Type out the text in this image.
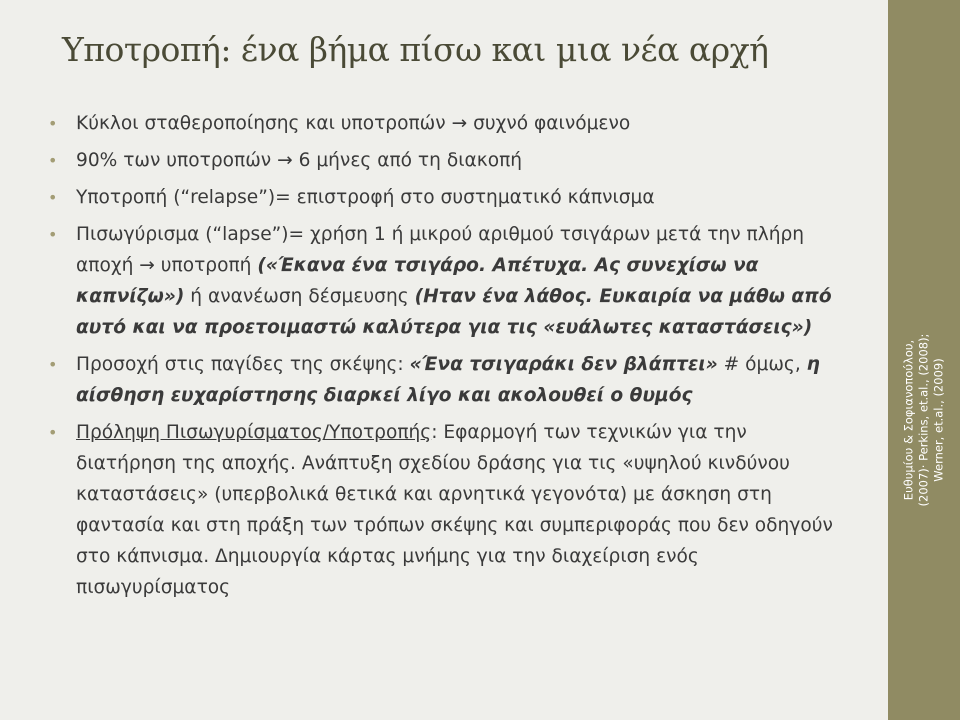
Υποτροπή: ένα βήμα πίσω και μια νέα αρχή
• Κύκλοι σταθεροποίησης και υποτροπών → συχνό φαινόμενο
• 90% των υποτροπών → 6 μήνες από τη διακοπή
• Υποτροπή (“relapse”)= επιστροφή στο συστηματικό κάπνισμα
• Πισωγύρισμα (“lapse”)= χρήση 1 ή μικρού αριθμού τσιγάρων μετά την πλήρη αποχή → υποτροπή («Έκανα ένα τσιγάρο. Απέτυχα. Ας συνεχίσω να καπνίζω») ή ανανέωση δέσμευσης (Ηταν ένα λάθος. Ευκαιρία να μάθω από αυτό και να προετοιμαστώ καλύτερα για τις «ευάλωτες καταστάσεις»)
• Προσοχή στις παγίδες της σκέψης: «Ένα τσιγαράκι δεν βλάπτει» # όμως, η αίσθηση ευχαρίστησης διαρκεί λίγο και ακολουθεί ο θυμός
• Πρόληψη Πισωγυρίσματος/Υποτροπής: Εφαρμογή των τεχνικών για την διατήρηση της αποχής. Ανάπτυξη σχεδίου δράσης για τις «υψηλού κινδύνου καταστάσεις» (υπερβολικά θετικά και αρνητικά γεγονότα) με άσκηση στη φαντασία και στη πράξη των τρόπων σκέψης και συμπεριφοράς που δεν οδηγούν στο κάπνισμα. Δημιουργία κάρτας μνήμης για την διαχείριση ενός πισωγυρίσματος
Ευθυμίου & Σοφιανοπούλου, (2007)· Perkins, et.al., (2008); Werner, et.al., (2009)
